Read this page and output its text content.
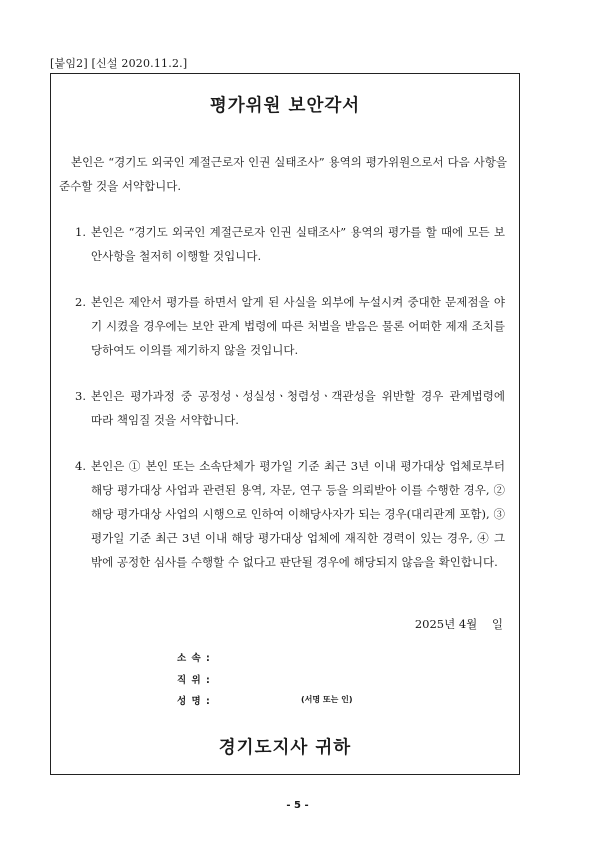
[붙임2] [신설 2020.11.2.]
평가위원 보안각서
본인은 “경기도 외국인 계절근로자 인권 실태조사” 용역의 평가위원으로서 다음 사항을 준수할 것을 서약합니다.
1. 본인은 “경기도 외국인 계절근로자 인권 실태조사” 용역의 평가를 할 때에 모든 보안사항을 철저히 이행할 것입니다.
2. 본인은 제안서 평가를 하면서 알게 된 사실을 외부에 누설시켜 중대한 문제점을 야기 시켰을 경우에는 보안 관계 법령에 따른 처벌을 받음은 물론 어떠한 제재 조치를 당하여도 이의를 제기하지 않을 것입니다.
3. 본인은 평가과정 중 공정성ㆍ성실성ㆍ청렴성ㆍ객관성을 위반할 경우 관계법령에 따라 책임질 것을 서약합니다.
4. 본인은 ① 본인 또는 소속단체가 평가일 기준 최근 3년 이내 평가대상 업체로부터 해당 평가대상 사업과 관련된 용역, 자문, 연구 등을 의뢰받아 이를 수행한 경우, ② 해당 평가대상 사업의 시행으로 인하여 이해당사자가 되는 경우(대리관계 포함), ③ 평가일 기준 최근 3년 이내 해당 평가대상 업체에 재직한 경력이 있는 경우, ④ 그 밖에 공정한 심사를 수행할 수 없다고 판단될 경우에 해당되지 않음을 확인합니다.
2025년 4월    일
소 속 :
직 위 :
성 명 :	(서명 또는 인)
경기도지사 귀하
- 5 -
